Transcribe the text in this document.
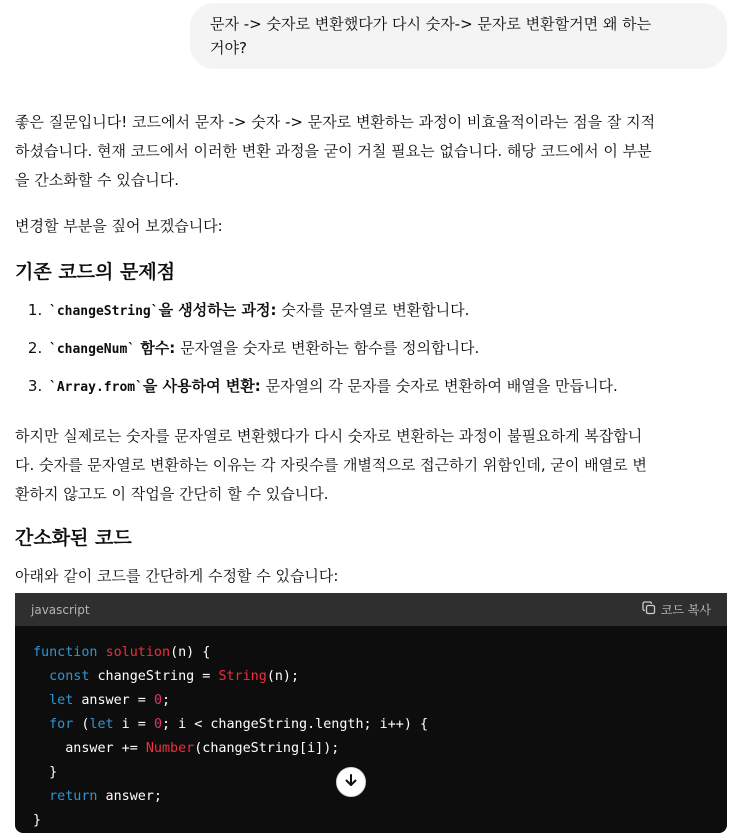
문자 -> 숫자로 변환했다가 다시 숫자-> 문자로 변환할거면 왜 하는
거야?
좋은 질문입니다! 코드에서 문자 -> 숫자 -> 문자로 변환하는 과정이 비효율적이라는 점을 잘 지적
하셨습니다. 현재 코드에서 이러한 변환 과정을 굳이 거칠 필요는 없습니다. 해당 코드에서 이 부분
을 간소화할 수 있습니다.

변경할 부분을 짚어 보겠습니다:

기존 코드의 문제점
1. `changeString`을 생성하는 과정: 숫자를 문자열로 변환합니다.
2. `changeNum` 함수: 문자열을 숫자로 변환하는 함수를 정의합니다.
3. `Array.from`을 사용하여 변환: 문자열의 각 문자를 숫자로 변환하여 배열을 만듭니다.
하지만 실제로는 숫자를 문자열로 변환했다가 다시 숫자로 변환하는 과정이 불필요하게 복잡합니
다. 숫자를 문자열로 변환하는 이유는 각 자릿수를 개별적으로 접근하기 위함인데, 굳이 배열로 변
환하지 않고도 이 작업을 간단히 할 수 있습니다.
간소화된 코드

아래와 같이 코드를 간단하게 수정할 수 있습니다:

javascript	코드 복사
function solution(n) {
const changeString = String(n);
let answer = 0;
for (let i = 0; i < changeString.length; i++) {
answer += Number(changeString[i]);
}
return answer;
}
